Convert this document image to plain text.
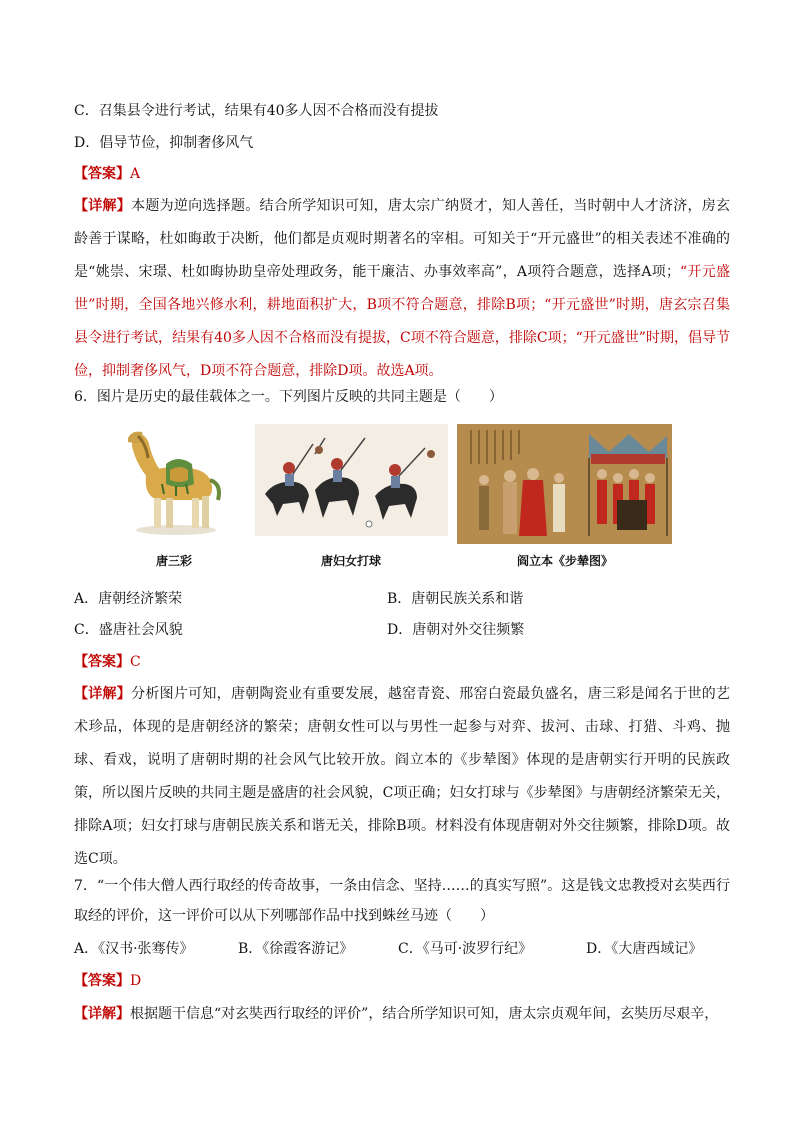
C．召集县令进行考试，结果有40多人因不合格而没有提拔
D．倡导节俭，抑制奢侈风气
【答案】A
【详解】本题为逆向选择题。结合所学知识可知，唐太宗广纳贤才，知人善任，当时朝中人才济济，房玄龄善于谋略，杜如晦敢于决断，他们都是贞观时期著名的宰相。可知关于“开元盛世”的相关表述不准确的是“姚崇、宋璟、杜如晦协助皇帝处理政务，能干廉洁、办事效率高”，A项符合题意，选择A项；“开元盛世”时期，全国各地兴修水利，耕地面积扩大，B项不符合题意，排除B项；“开元盛世”时期，唐玄宗召集县令进行考试，结果有40多人因不合格而没有提拔，C项不符合题意，排除C项；“开元盛世”时期，倡导节俭，抑制奢侈风气，D项不符合题意，排除D项。故选A项。
6．图片是历史的最佳载体之一。下列图片反映的共同主题是（　　）
唐三彩	唐妇女打球	阎立本《步辇图》
A．唐朝经济繁荣	B．唐朝民族关系和谐
C．盛唐社会风貌	D．唐朝对外交往频繁
【答案】C
【详解】分析图片可知，唐朝陶瓷业有重要发展，越窑青瓷、邢窑白瓷最负盛名，唐三彩是闻名于世的艺术珍品，体现的是唐朝经济的繁荣；唐朝女性可以与男性一起参与对弈、拔河、击球、打猎、斗鸡、抛球、看戏，说明了唐朝时期的社会风气比较开放。阎立本的《步辇图》体现的是唐朝实行开明的民族政策，所以图片反映的共同主题是盛唐的社会风貌，C项正确；妇女打球与《步辇图》与唐朝经济繁荣无关，排除A项；妇女打球与唐朝民族关系和谐无关，排除B项。材料没有体现唐朝对外交往频繁，排除D项。故选C项。
7．“一个伟大僧人西行取经的传奇故事，一条由信念、坚持……的真实写照”。这是钱文忠教授对玄奘西行取经的评价，这一评价可以从下列哪部作品中找到蛛丝马迹（　　）
A．《汉书·张骞传》	B．《徐霞客游记》	C．《马可·波罗行纪》	D．《大唐西域记》
【答案】D
【详解】根据题干信息“对玄奘西行取经的评价”，结合所学知识可知，唐太宗贞观年间，玄奘历尽艰辛，
